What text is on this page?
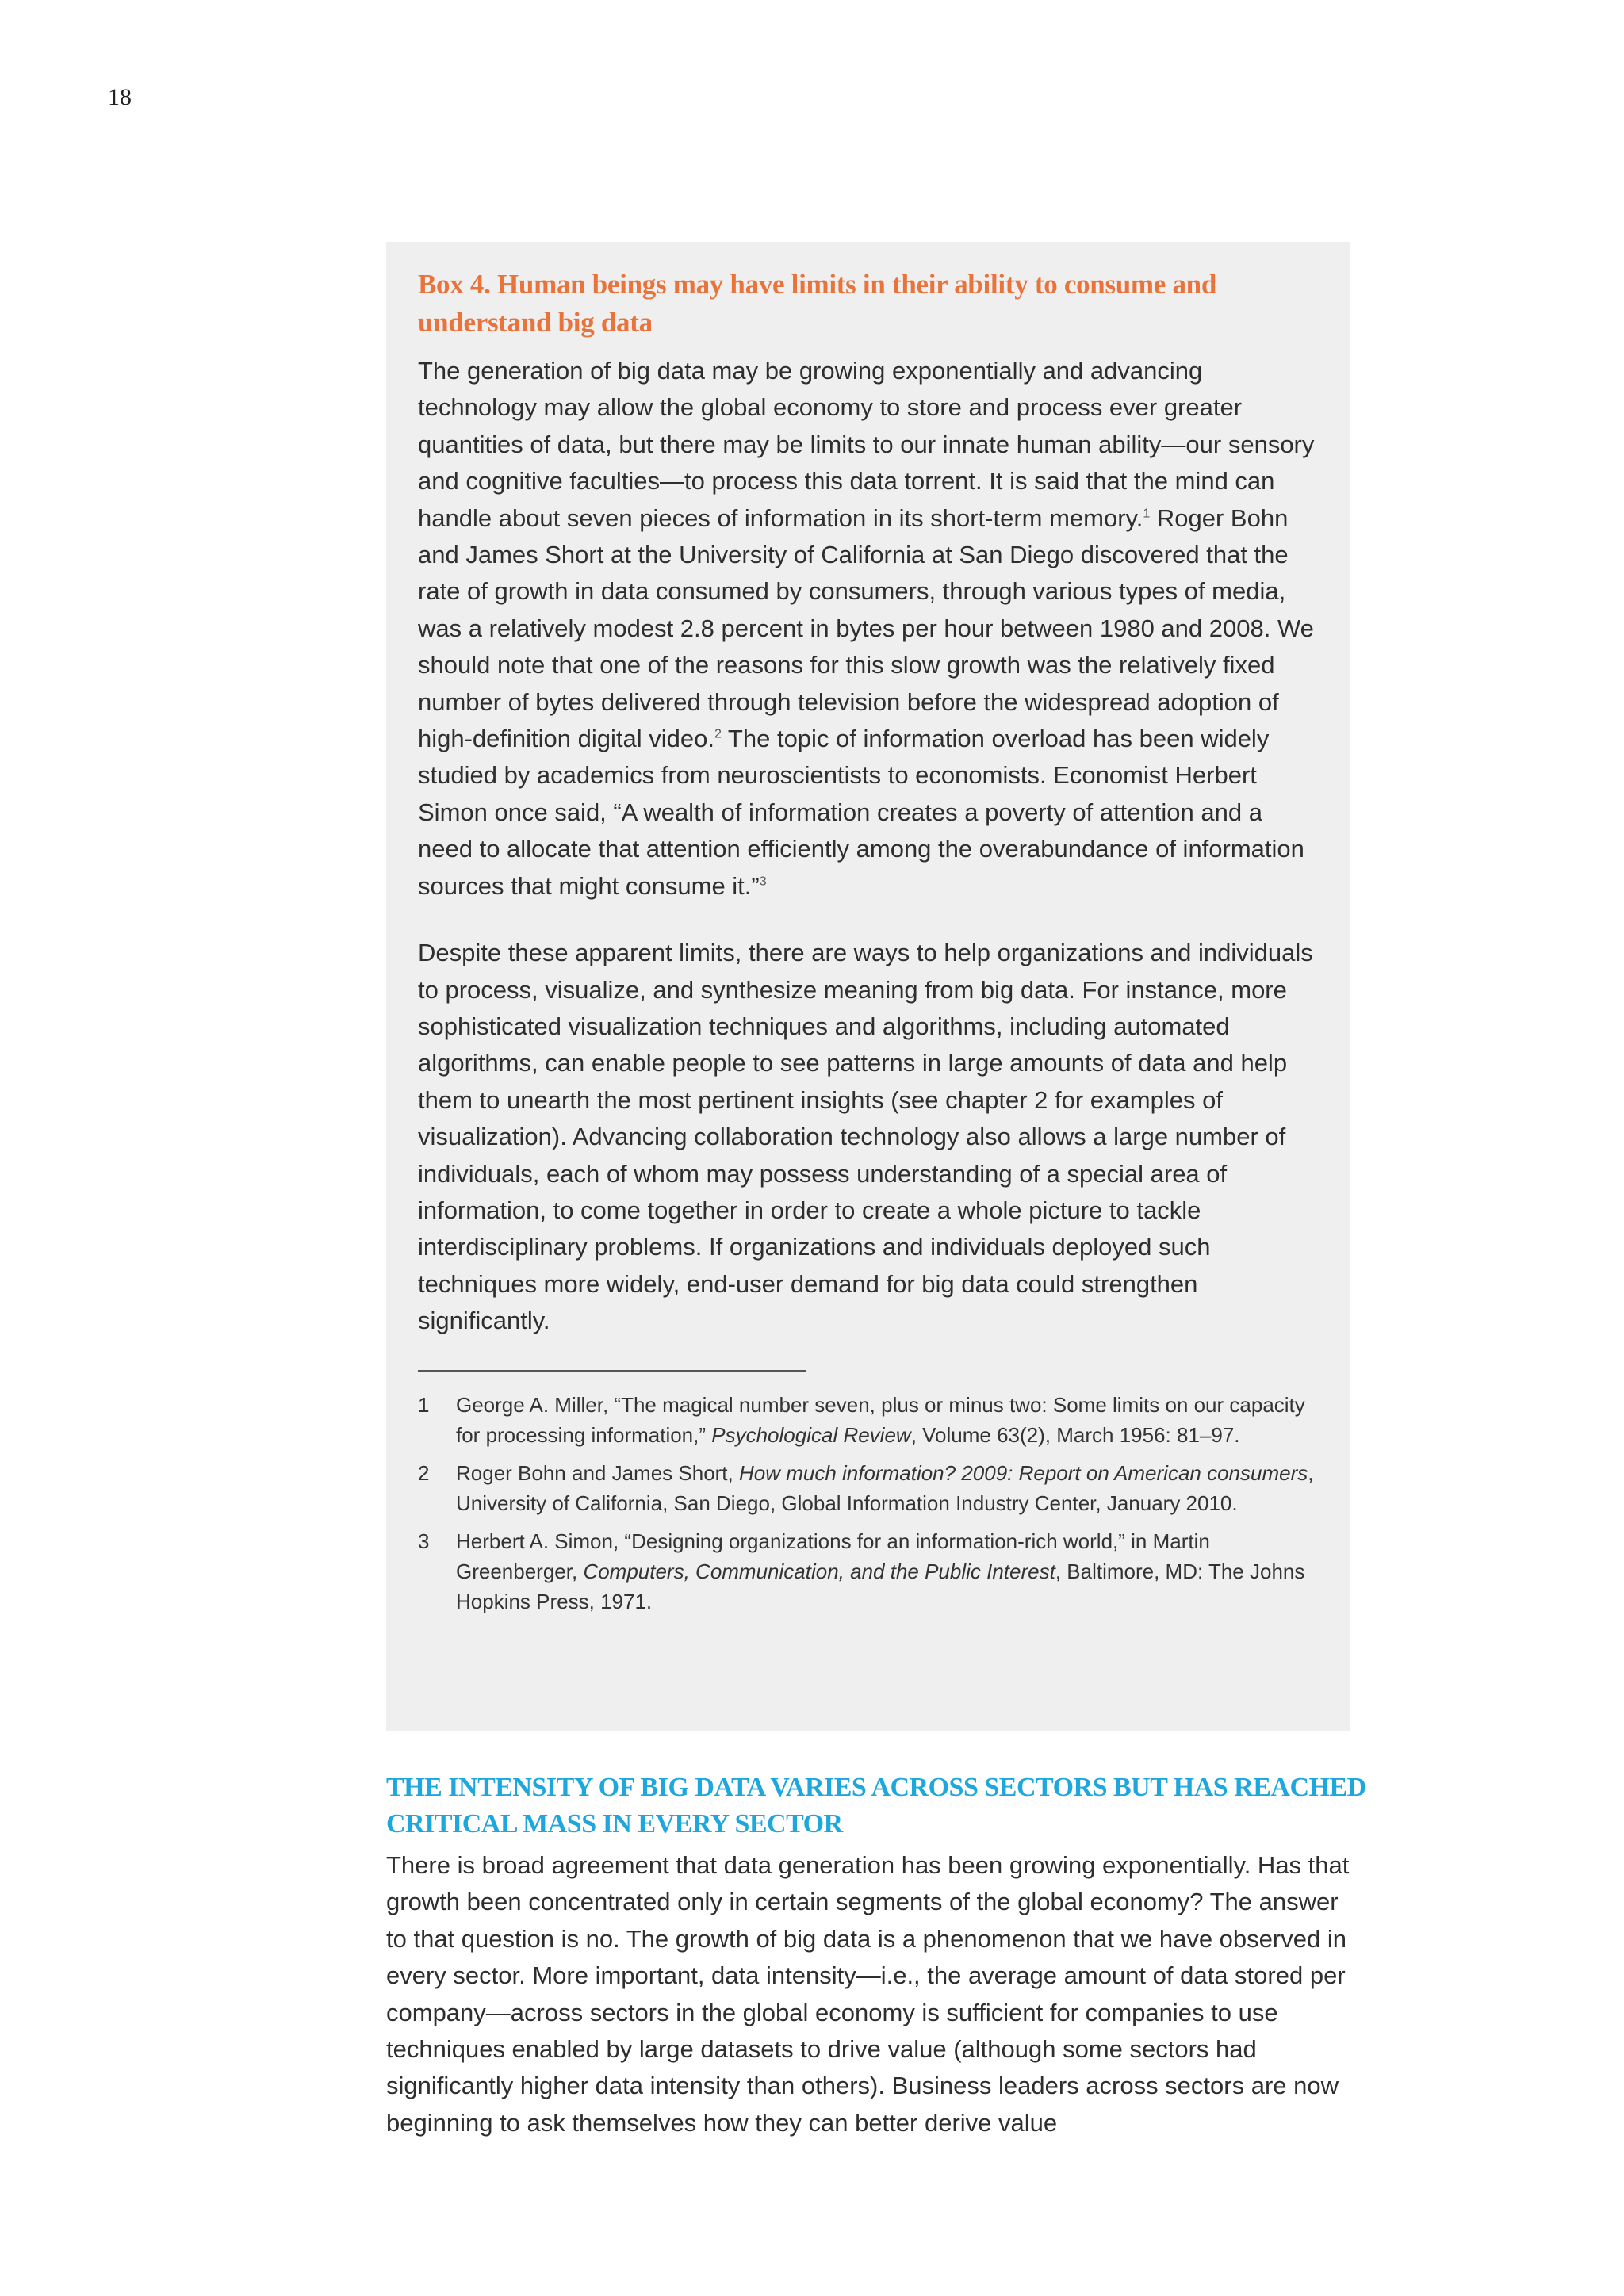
18

Box 4. Human beings may have limits in their ability to consume and understand big data

The generation of big data may be growing exponentially and advancing technology may allow the global economy to store and process ever greater quantities of data, but there may be limits to our innate human ability—our sensory and cognitive faculties—to process this data torrent. It is said that the mind can handle about seven pieces of information in its short-term memory.$^1$ Roger Bohn and James Short at the University of California at San Diego discovered that the rate of growth in data consumed by consumers, through various types of media, was a relatively modest 2.8 percent in bytes per hour between 1980 and 2008. We should note that one of the reasons for this slow growth was the relatively fixed number of bytes delivered through television before the widespread adoption of high-definition digital video.$^2$ The topic of information overload has been widely studied by academics from neuroscientists to economists. Economist Herbert Simon once said, “A wealth of information creates a poverty of attention and a need to allocate that attention efficiently among the overabundance of information sources that might consume it.”$^3$

Despite these apparent limits, there are ways to help organizations and individuals to process, visualize, and synthesize meaning from big data. For instance, more sophisticated visualization techniques and algorithms, including automated algorithms, can enable people to see patterns in large amounts of data and help them to unearth the most pertinent insights (see chapter 2 for examples of visualization). Advancing collaboration technology also allows a large number of individuals, each of whom may possess understanding of a special area of information, to come together in order to create a whole picture to tackle interdisciplinary problems. If organizations and individuals deployed such techniques more widely, end-user demand for big data could strengthen significantly.

1	George A. Miller, “The magical number seven, plus or minus two: Some limits on our capacity for processing information,” Psychological Review, Volume 63(2), March 1956: 81–97.
2	Roger Bohn and James Short, How much information? 2009: Report on American consumers, University of California, San Diego, Global Information Industry Center, January 2010.
3	Herbert A. Simon, “Designing organizations for an information-rich world,” in Martin Greenberger, Computers, Communication, and the Public Interest, Baltimore, MD: The Johns Hopkins Press, 1971.
THE INTENSITY OF BIG DATA VARIES ACROSS SECTORS BUT HAS REACHED CRITICAL MASS IN EVERY SECTOR

There is broad agreement that data generation has been growing exponentially. Has that growth been concentrated only in certain segments of the global economy? The answer to that question is no. The growth of big data is a phenomenon that we have observed in every sector. More important, data intensity—i.e., the average amount of data stored per company—across sectors in the global economy is sufficient for companies to use techniques enabled by large datasets to drive value (although some sectors had significantly higher data intensity than others). Business leaders across sectors are now beginning to ask themselves how they can better derive value
